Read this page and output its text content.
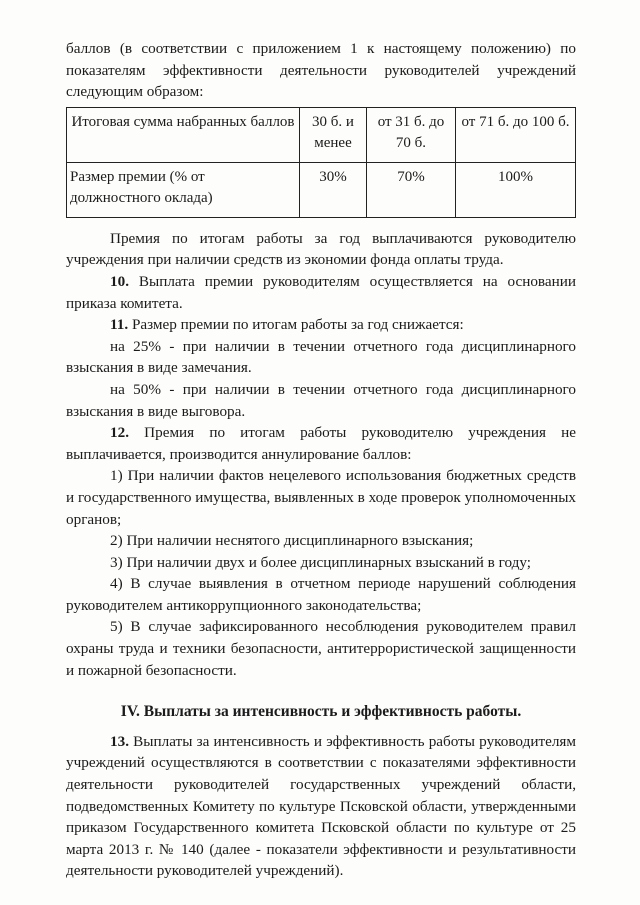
баллов (в соответствии с приложением 1 к настоящему положению) по показателям эффективности деятельности руководителей учреждений следующим образом:

Итоговая сумма набранных баллов	30 б. и менее	от 31 б. до 70 б.	от 71 б. до 100 б.
Размер премии (% от должностного оклада)	30%	70%	100%

Премия по итогам работы за год выплачиваются руководителю учреждения при наличии средств из экономии фонда оплаты труда.

10. Выплата премии руководителям осуществляется на основании приказа комитета.

11. Размер премии по итогам работы за год снижается:

на 25% - при наличии в течении отчетного года дисциплинарного взыскания в виде замечания.

на 50% - при наличии в течении отчетного года дисциплинарного взыскания в виде выговора.

12. Премия по итогам работы руководителю учреждения не выплачивается, производится аннулирование баллов:

1) При наличии фактов нецелевого использования бюджетных средств и государственного имущества, выявленных в ходе проверок уполномоченных органов;

2) При наличии неснятого дисциплинарного взыскания;

3) При наличии двух и более дисциплинарных взысканий в году;

4) В случае выявления в отчетном периоде нарушений соблюдения руководителем антикоррупционного законодательства;

5) В случае зафиксированного несоблюдения руководителем правил охраны труда и техники безопасности, антитеррористической защищенности и пожарной безопасности.

IV. Выплаты за интенсивность и эффективность работы.

13. Выплаты за интенсивность и эффективность работы руководителям учреждений осуществляются в соответствии с показателями эффективности деятельности руководителей государственных учреждений области, подведомственных Комитету по культуре Псковской области, утвержденными приказом Государственного комитета Псковской области по культуре от 25 марта 2013 г. № 140 (далее - показатели эффективности и результативности деятельности руководителей учреждений).
